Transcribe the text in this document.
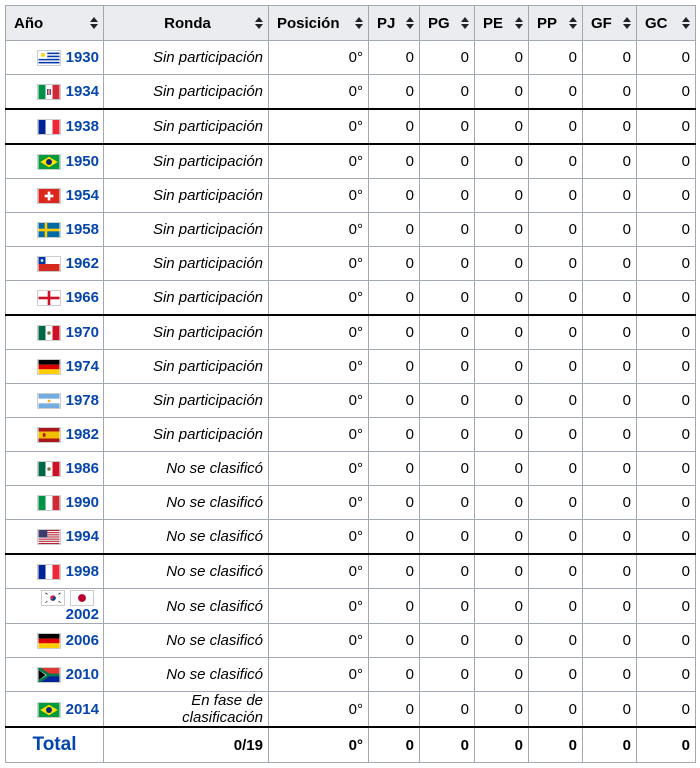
Año	Ronda	Posición	PJ	PG	PE	PP	GF	GC

1930	Sin participación	0°	0	0	0	0	0	0

1934	Sin participación	0°	0	0	0	0	0	0

1938	Sin participación	0°	0	0	0	0	0	0

1950	Sin participación	0°	0	0	0	0	0	0

1954	Sin participación	0°	0	0	0	0	0	0

1958	Sin participación	0°	0	0	0	0	0	0

1962	Sin participación	0°	0	0	0	0	0	0

1966	Sin participación	0°	0	0	0	0	0	0

1970	Sin participación	0°	0	0	0	0	0	0

1974	Sin participación	0°	0	0	0	0	0	0

1978	Sin participación	0°	0	0	0	0	0	0

1982	Sin participación	0°	0	0	0	0	0	0

1986	No se clasificó	0°	0	0	0	0	0	0

1990	No se clasificó	0°	0	0	0	0	0	0

1994	No se clasificó	0°	0	0	0	0	0	0

1998	No se clasificó	0°	0	0	0	0	0	0

2002	No se clasificó	0°	0	0	0	0	0	0

2006	No se clasificó	0°	0	0	0	0	0	0

2010	No se clasificó	0°	0	0	0	0	0	0

2014	En fase de clasificación	0°	0	0	0	0	0	0
Total	0/19	0°	0	0	0	0	0	0
